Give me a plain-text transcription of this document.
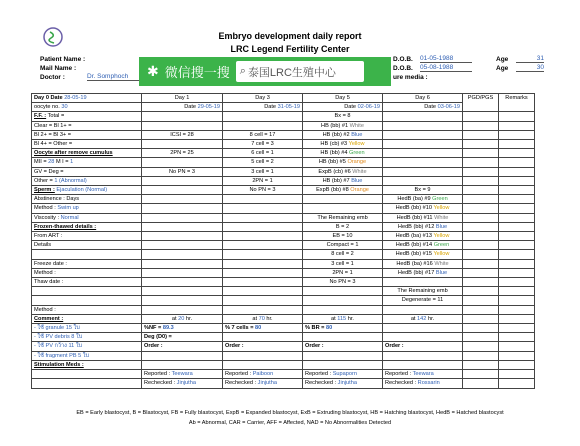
Embryo development daily report
LRC Legend Fertility Center
Patient Name :
Mail Name :
Doctor :	Dr. Somphoch
D.O.B. 01-05-1988
D.O.B. 05-08-1988
Age	31
Age	30
ure media :
✱ 微信搜一搜 ⌕ 泰国LRC生殖中心
Day 0 Date 28-05-19	Day 1	Day 3	Day 5	Day 6	PGD/PGS	Remarks
oocyte no. 30	Date 29-05-19	Date 31-05-19	Date 02-06-19	Date 03-06-19		
F.F. : Total =			Bx = 8			
Clear = Bl 1+ =			HB (bb) #1 White			
Bl 2+ = Bl 3+ =	ICSI = 28	8 cell = 17	HB (bb) #2 Blue			
Bl 4+ = Other =		7 cell = 3	HB (cb) #3 Yellow			
Oocyte after remove cumulus	2PN = 25	6 cell = 1	HB (bb) #4 Green			
MII = 28 M I = 1		5 cell = 2	HB (bb) #5 Orange			
GV = Deg =	No PN = 3	3 cell = 1	ExpB (cb) #6 White			
Other = 1 (Abnormal)		2PN = 1	HB (bb) #7 Blue			
Sperm : Ejaculation (Normal)		No PN = 3	ExpB (bb) #8 Orange	Bx = 9		
Abstinence : Days				HedB (ba) #9 Green		
Method : Swim up				HedB (bb) #10 Yellow		
Viscosity : Normal			The Remaining emb	HedB (bb) #11 White		
Frozen-thawed details :			B = 2	HedB (bb) #12 Blue		
From ART :			EB = 10	HedB (ba) #13 Yellow		
Details			Compact = 1	HedB (bb) #14 Green		
			8 cell = 2	HedB (bb) #15 Yellow		
Freeze date :			3 cell = 1	HedB (ba) #16 White		
Method :			2PN = 1	HedB (bb) #17 Blue		
Thaw date :			No PN = 3			
				The Remaining emb		
				Degenerate = 11		
Method :						
Comment :	at 20 hr.	at 70 hr.	at 115 hr.	at 142 hr.		
- ใช้ granule 15 ใบ	%NF = 89.3	% 7 cells = 80	% BR = 80			
- ใช้ PV debris 8 ใบ	Deg (D0) =					
- ใช้ PV กว้าง 11 ใบ	Order :	Order :	Order :	Order :		
- ใช้ fragment PB 5 ใบ						
Stimulation Meds :						
	Reported : Teewara	Reported : Paiboon	Reported : Supaporn	Reported : Teewara		
	Rechecked : Jinjutha	Rechecked : Jinjutha	Rechecked : Jinjutha	Rechecked : Rossarin		
EB = Early blastocyst, B = Blastocyst, FB = Fully blastocyst, ExpB = Expanded blastocyst, ExB = Extruding blastocyst, HB = Hatching blastocyst, HedB = Hatched blastocyst
Ab = Abnormal, CAR = Carrier, AFF = Affected, NAD = No Abnormalities Detected
